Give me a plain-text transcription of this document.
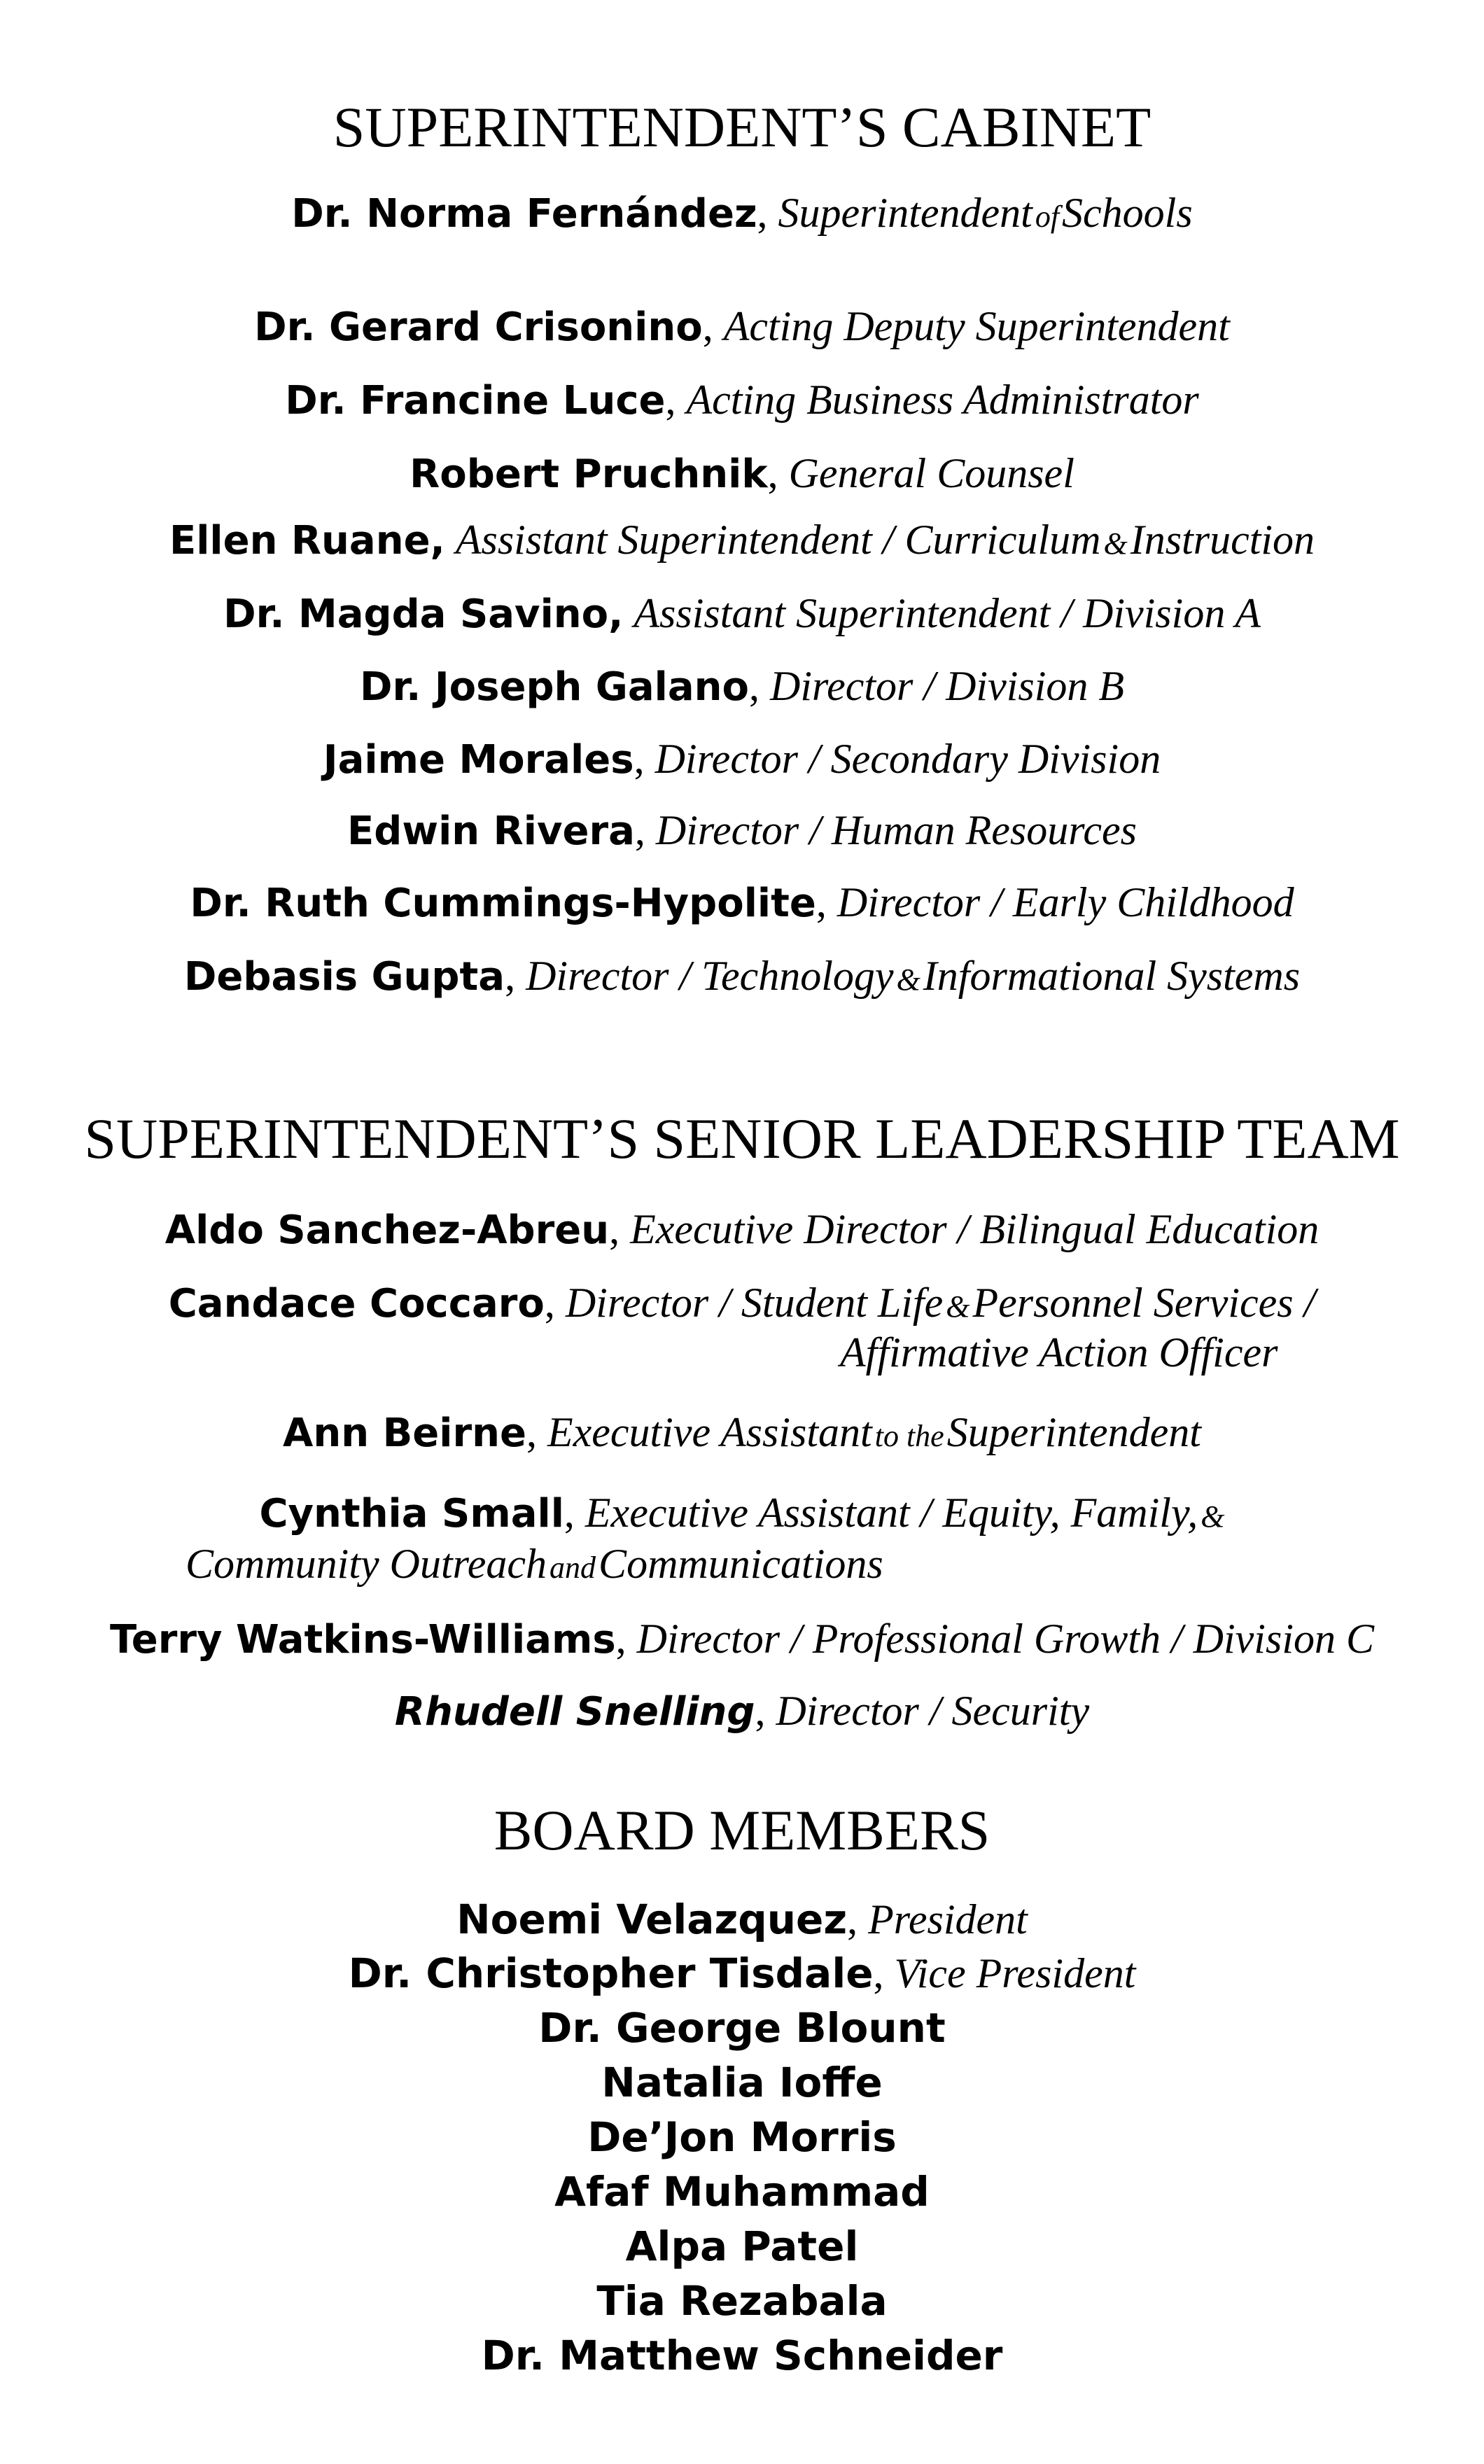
SUPERINTENDENT’S CABINET
Dr. Norma Fernández, Superintendent of Schools
Dr. Gerard Crisonino, Acting Deputy Superintendent
Dr. Francine Luce, Acting Business Administrator
Robert Pruchnik, General Counsel
Ellen Ruane, Assistant Superintendent / Curriculum & Instruction
Dr. Magda Savino, Assistant Superintendent / Division A
Dr. Joseph Galano, Director / Division B
Jaime Morales, Director / Secondary Division
Edwin Rivera, Director / Human Resources
Dr. Ruth Cummings-Hypolite, Director / Early Childhood
Debasis Gupta, Director / Technology & Informational Systems
SUPERINTENDENT’S SENIOR LEADERSHIP TEAM
Aldo Sanchez-Abreu, Executive Director / Bilingual Education
Candace Coccaro, Director / Student Life & Personnel Services /
Affirmative Action Officer
Ann Beirne, Executive Assistant to the Superintendent
Cynthia Small, Executive Assistant / Equity, Family, &
Community Outreach and Communications
Terry Watkins-Williams, Director / Professional Growth / Division C
Rhudell Snelling, Director / Security
BOARD MEMBERS
Noemi Velazquez, President
Dr. Christopher Tisdale, Vice President
Dr. George Blount
Natalia Ioffe
De’Jon Morris
Afaf Muhammad
Alpa Patel
Tia Rezabala
Dr. Matthew Schneider
